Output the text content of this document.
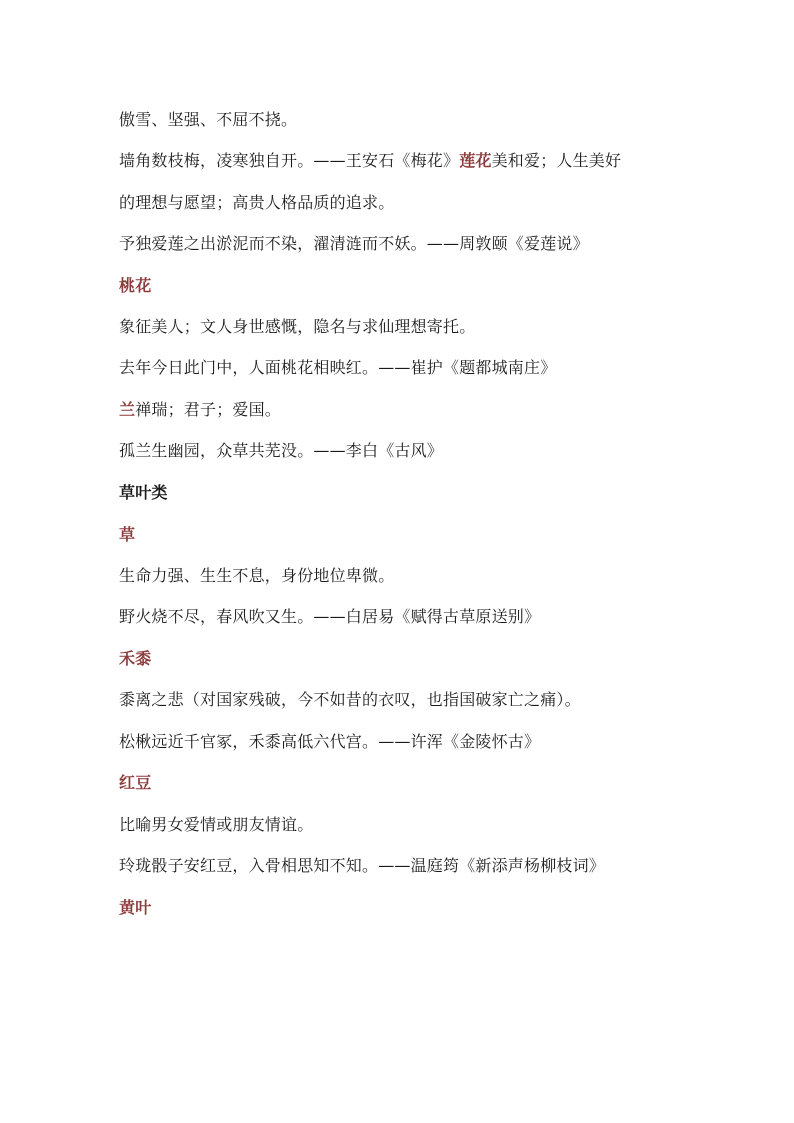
傲雪、坚强、不屈不挠。
墙角数枝梅，凌寒独自开。——王安石《梅花》莲花美和爱；人生美好
的理想与愿望；高贵人格品质的追求。
予独爱莲之出淤泥而不染，濯清涟而不妖。——周敦颐《爱莲说》
桃花
象征美人；文人身世感慨，隐名与求仙理想寄托。
去年今日此门中，人面桃花相映红。——崔护《题都城南庄》
兰禅瑞；君子；爱国。
孤兰生幽园，众草共芜没。——李白《古风》
草叶类
草
生命力强、生生不息，身份地位卑微。
野火烧不尽，春风吹又生。——白居易《赋得古草原送别》
禾黍
黍离之悲（对国家残破，今不如昔的衣叹，也指国破家亡之痛）。
松楸远近千官冢，禾黍高低六代宫。——许浑《金陵怀古》
红豆
比喻男女爱情或朋友情谊。
玲珑骰子安红豆，入骨相思知不知。——温庭筠《新添声杨柳枝词》
黄叶
